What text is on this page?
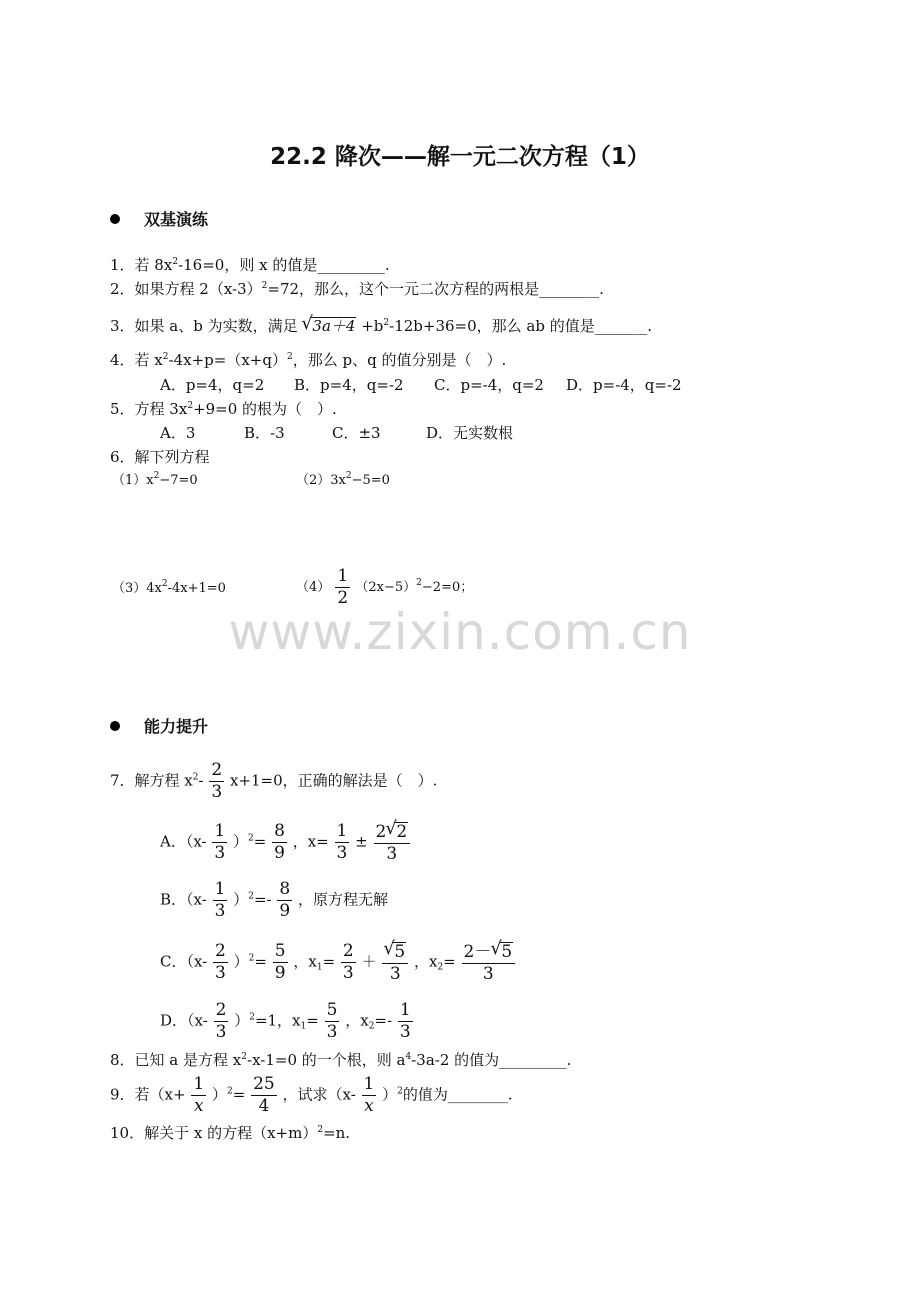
22.2 降次——解一元二次方程（1）
双基演练
1．若 $8x^2-16=0$，则 x 的值是_________.
2．如果方程 $2(x-3)^2=72$，那么，这个一元二次方程的两根是________.
3．如果 a、b 为实数，满足 √ $3a+4 +b^2-12b+36=0$，那么 ab 的值是_______.
4．若 $x^2-4x+p=(x+q)^2$，那么 p、q 的值分别是（　）.
A．p=4，q=2 B．p=4，q=-2 C．p=-4，q=2 D．p=-4，q=-2
5．方程 $3x^2+9=0$ 的根为（　）.
A．3	B．-3	C．±3	D．无实数根
6．解下列方程
$(1)x^2-7=0$	$(2)3x^2-5=0$
$(3)4x^2-4x+1=0$	$(4) \frac{1}{2} (2x-5)^2-2=0$；
www.zixin.com.cn
能力提升
7．解方程 $x^2- \frac{2}{3} x+1=0$，正确的解法是（　）.
A．$(x- \frac{1}{3} )^2= \frac{8}{9}$ ，$x= \frac{1}{3} \pm \frac{2 √ 2}{3}$
B．$(x- \frac{1}{3} )^2=- \frac{8}{9}$ ，原方程无解
C．$(x- \frac{2}{3} )^2= \frac{5}{9}$ ，$x_1= \frac{2}{3} + \frac{√ 5}{3}$ ，$x_2= \frac{2- √ 5}{3}$
D．$(x- \frac{2}{3} )^2=1$，$x_1= \frac{5}{3}$ ，$x_2=- \frac{1}{3}$
8．已知 a 是方程 $x^2-x-1=0$ 的一个根，则 $a^4-3a-2$ 的值为_________.
9．若$(x+ \frac{1}{x} )^2= \frac{25}{4}$ ，试求$(x- \frac{1}{x} )^2$的值为________.
10．解关于 x 的方程$(x+m)^2=n$.
